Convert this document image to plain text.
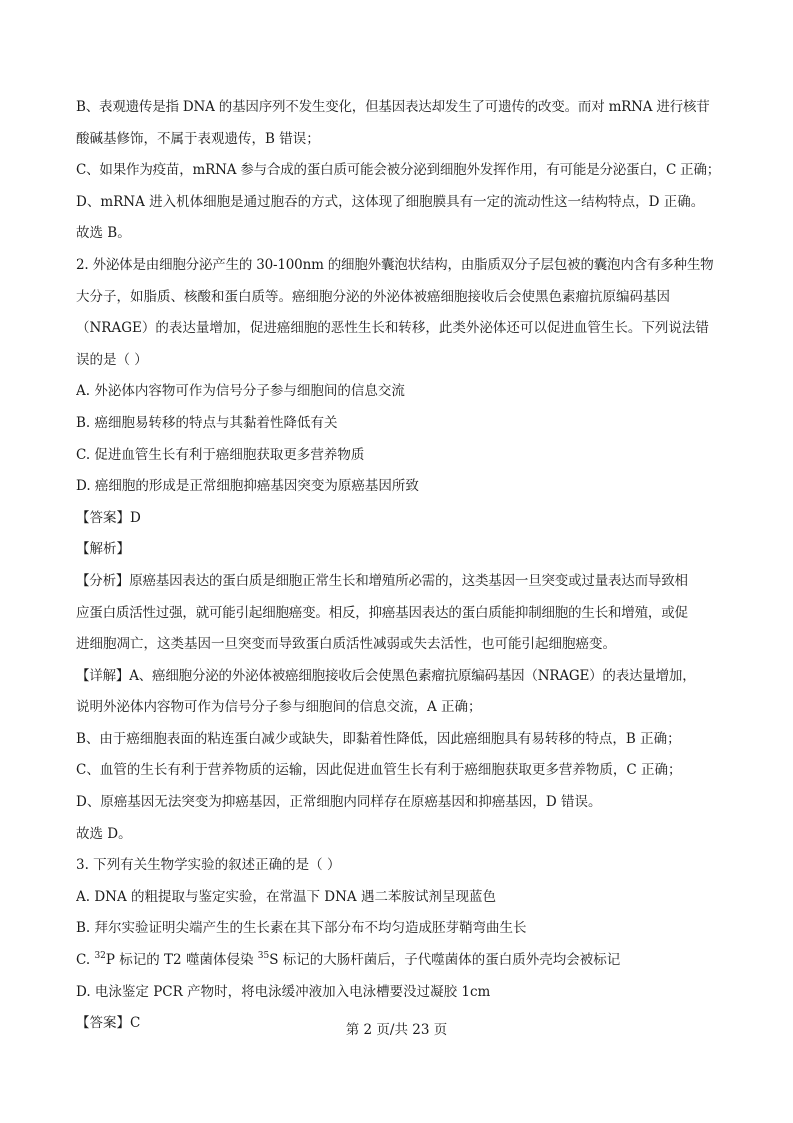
B、表观遗传是指 DNA 的基因序列不发生变化，但基因表达却发生了可遗传的改变。而对 mRNA 进行核苷
酸碱基修饰，不属于表观遗传，B 错误；
C、如果作为疫苗，mRNA 参与合成的蛋白质可能会被分泌到细胞外发挥作用，有可能是分泌蛋白，C 正确；
D、mRNA 进入机体细胞是通过胞吞的方式，这体现了细胞膜具有一定的流动性这一结构特点，D 正确。
故选 B。
2. 外泌体是由细胞分泌产生的 30-100nm 的细胞外囊泡状结构，由脂质双分子层包被的囊泡内含有多种生物
大分子，如脂质、核酸和蛋白质等。癌细胞分泌的外泌体被癌细胞接收后会使黑色素瘤抗原编码基因
（NRAGE）的表达量增加，促进癌细胞的恶性生长和转移，此类外泌体还可以促进血管生长。下列说法错
误的是（ ）
A. 外泌体内容物可作为信号分子参与细胞间的信息交流
B. 癌细胞易转移的特点与其黏着性降低有关
C. 促进血管生长有利于癌细胞获取更多营养物质
D. 癌细胞的形成是正常细胞抑癌基因突变为原癌基因所致
【答案】D
【解析】
【分析】原癌基因表达的蛋白质是细胞正常生长和增殖所必需的，这类基因一旦突变或过量表达而导致相
应蛋白质活性过强，就可能引起细胞癌变。相反，抑癌基因表达的蛋白质能抑制细胞的生长和增殖，或促
进细胞凋亡，这类基因一旦突变而导致蛋白质活性减弱或失去活性，也可能引起细胞癌变。
【详解】A、癌细胞分泌的外泌体被癌细胞接收后会使黑色素瘤抗原编码基因（NRAGE）的表达量增加，
说明外泌体内容物可作为信号分子参与细胞间的信息交流，A 正确；
B、由于癌细胞表面的粘连蛋白减少或缺失，即黏着性降低，因此癌细胞具有易转移的特点，B 正确；
C、血管的生长有利于营养物质的运输，因此促进血管生长有利于癌细胞获取更多营养物质，C 正确；
D、原癌基因无法突变为抑癌基因，正常细胞内同样存在原癌基因和抑癌基因，D 错误。
故选 D。
3. 下列有关生物学实验的叙述正确的是（ ）
A. DNA 的粗提取与鉴定实验，在常温下 DNA 遇二苯胺试剂呈现蓝色
B. 拜尔实验证明尖端产生的生长素在其下部分布不均匀造成胚芽鞘弯曲生长
C. $^{32}$P 标记的 T2 噬菌体侵染 $^{35}$S 标记的大肠杆菌后，子代噬菌体的蛋白质外壳均会被标记
D. 电泳鉴定 PCR 产物时，将电泳缓冲液加入电泳槽要没过凝胶 1cm
【答案】C	第 2 页/共 23 页
